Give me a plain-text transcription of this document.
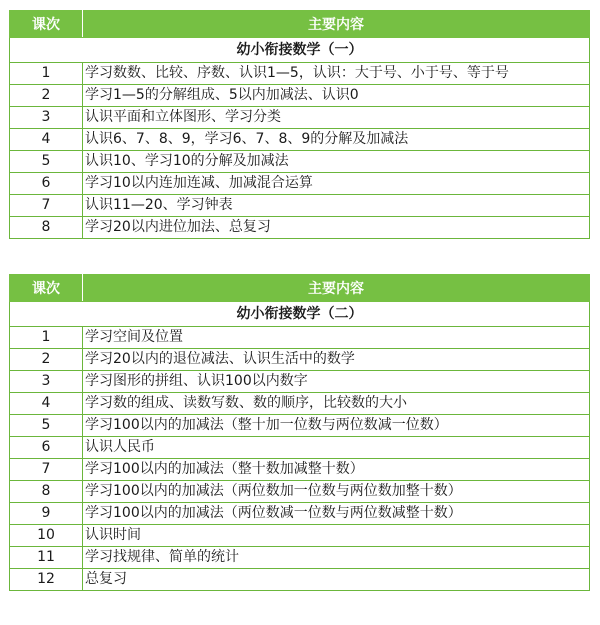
课次	主要内容
幼小衔接数学（一）	
1	学习数数、比较、序数、认识1—5，认识：大于号、小于号、等于号
2	学习1—5的分解组成、5以内加减法、认识0
3	认识平面和立体图形、学习分类
4	认识6、7、8、9，学习6、7、8、9的分解及加减法
5	认识10、学习10的分解及加减法
6	学习10以内连加连减、加减混合运算
7	认识11—20、学习钟表
8	学习20以内进位加法、总复习
课次	主要内容
幼小衔接数学（二）	
1	学习空间及位置
2	学习20以内的退位减法、认识生活中的数学
3	学习图形的拼组、认识100以内数字
4	学习数的组成、读数写数、数的顺序，比较数的大小
5	学习100以内的加减法（整十加一位数与两位数减一位数）
6	认识人民币
7	学习100以内的加减法（整十数加减整十数）
8	学习100以内的加减法（两位数加一位数与两位数加整十数）
9	学习100以内的加减法（两位数减一位数与两位数减整十数）
10	认识时间
11	学习找规律、简单的统计
12	总复习
